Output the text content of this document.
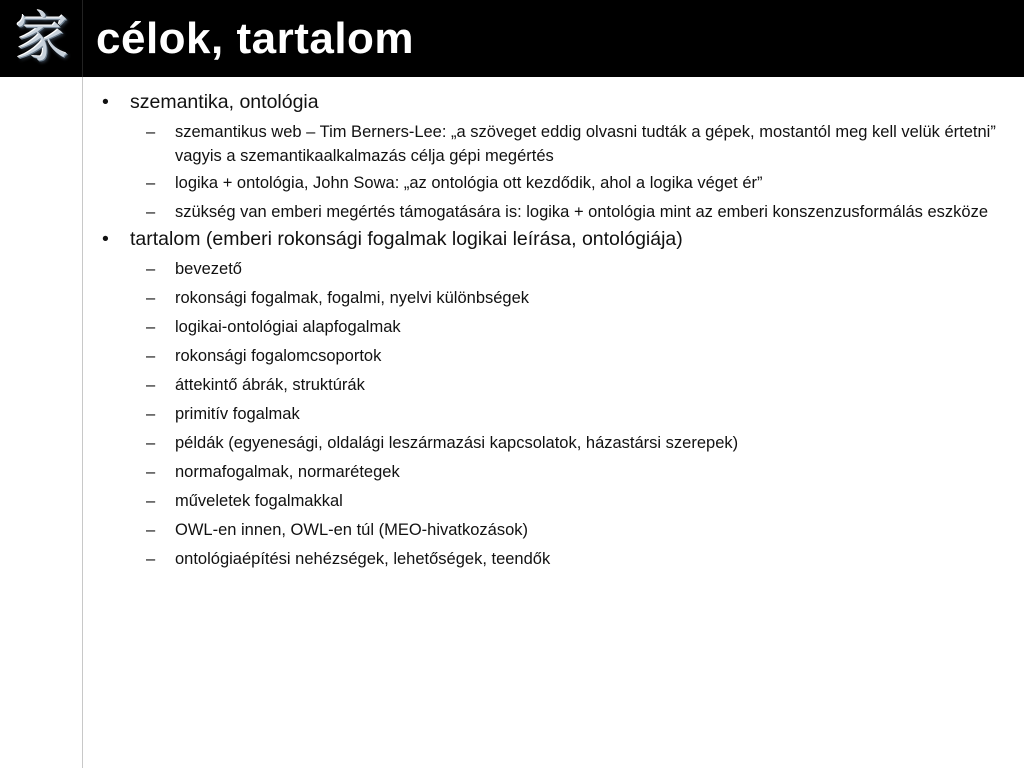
家 célok, tartalom
•	szemantika, ontológia
–	szemantikus web – Tim Berners-Lee: „a szöveget eddig olvasni tudták a gépek, mostantól meg kell velük értetni” vagyis a szemantikaalkalmazás célja gépi megértés
–	logika + ontológia, John Sowa: „az ontológia ott kezdődik, ahol a logika véget ér”
–	szükség van emberi megértés támogatására is: logika + ontológia mint az emberi konszenzusformálás eszköze
•	tartalom (emberi rokonsági fogalmak logikai leírása, ontológiája)
–	bevezető
–	rokonsági fogalmak, fogalmi, nyelvi különbségek
–	logikai-ontológiai alapfogalmak
–	rokonsági fogalomcsoportok
–	áttekintő ábrák, struktúrák
–	primitív fogalmak
–	példák (egyenesági, oldalági leszármazási kapcsolatok, házastársi szerepek)
–	normafogalmak, normarétegek
–	műveletek fogalmakkal
–	OWL-en innen, OWL-en túl (MEO-hivatkozások)
–	ontológiaépítési nehézségek, lehetőségek, teendők
